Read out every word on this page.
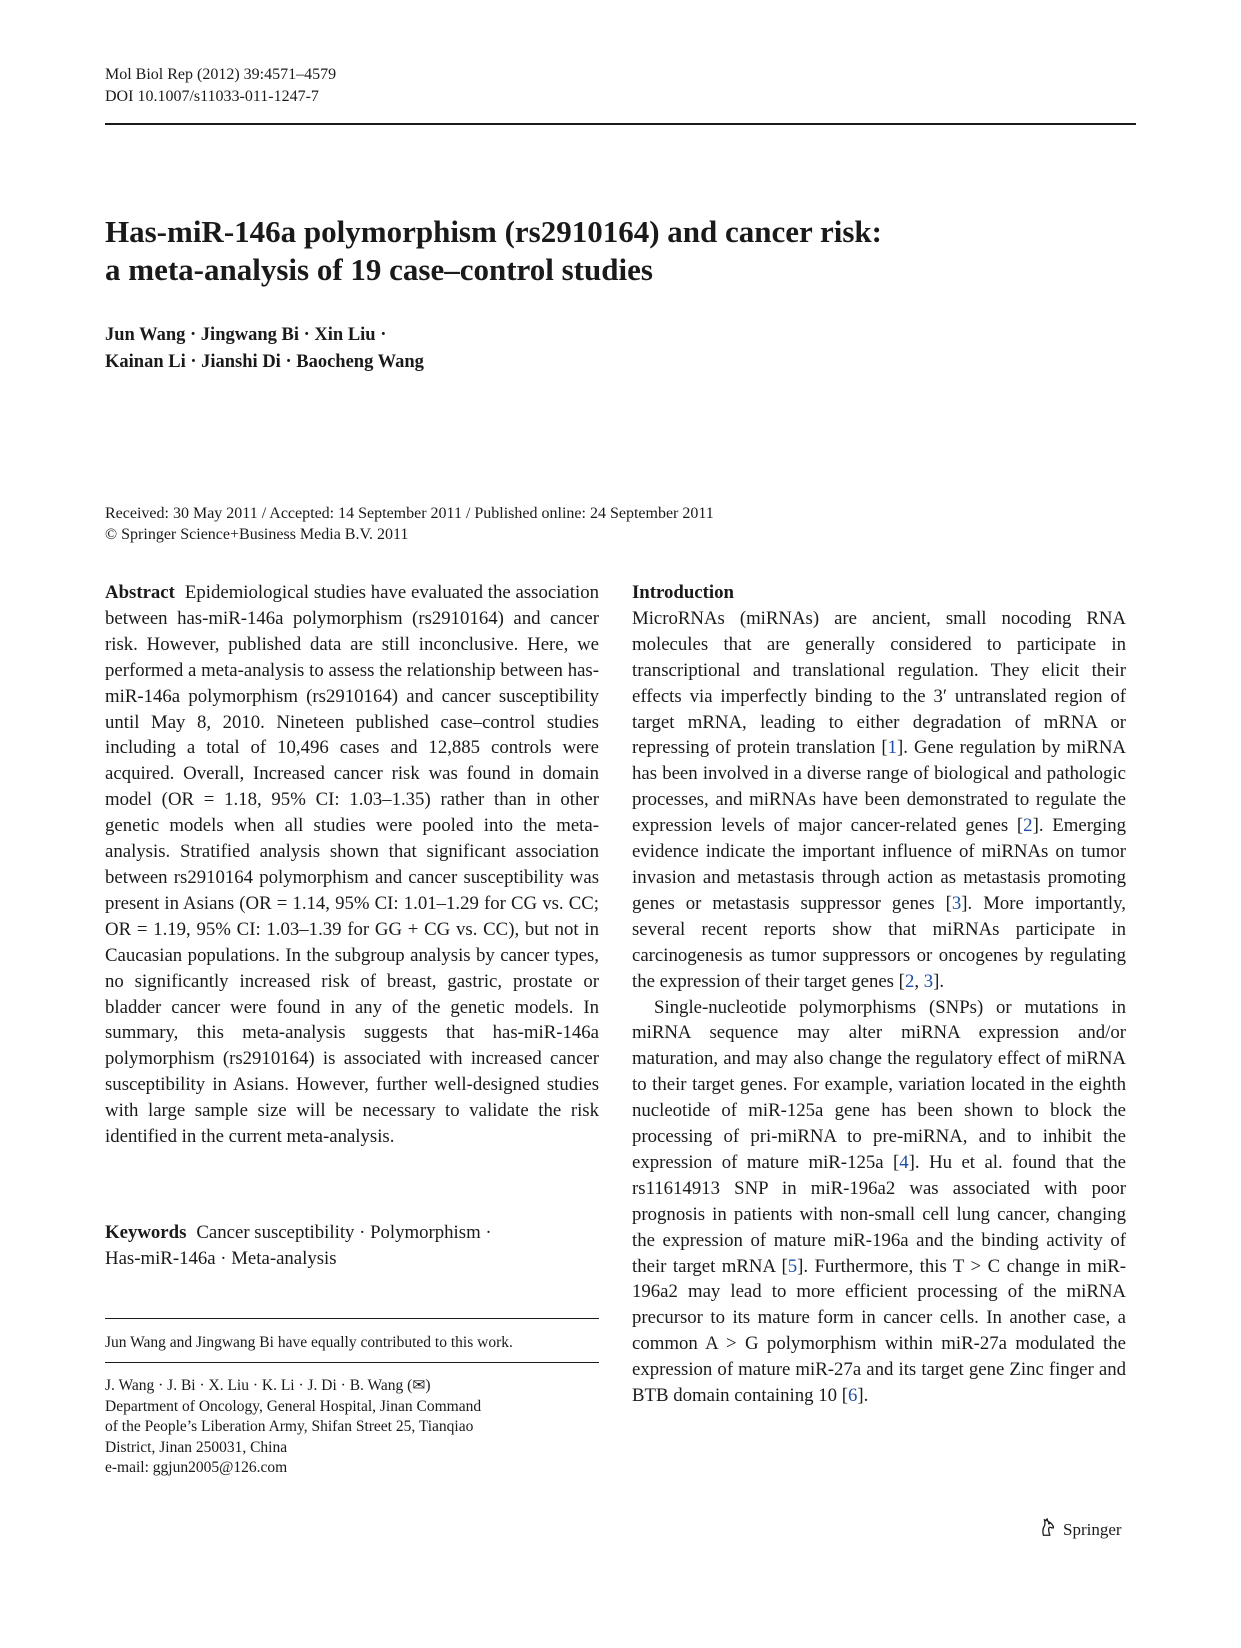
Mol Biol Rep (2012) 39:4571–4579
DOI 10.1007/s11033-011-1247-7
Has-miR-146a polymorphism (rs2910164) and cancer risk:
a meta-analysis of 19 case–control studies
Jun Wang · Jingwang Bi · Xin Liu ·
Kainan Li · Jianshi Di · Baocheng Wang
Received: 30 May 2011 / Accepted: 14 September 2011 / Published online: 24 September 2011
© Springer Science+Business Media B.V. 2011

Abstract Epidemiological studies have evaluated the association between has-miR-146a polymorphism (rs2910164) and cancer risk. However, published data are still inconclusive. Here, we performed a meta-analysis to assess the relationship between has-miR-146a polymorphism (rs2910164) and cancer susceptibility until May 8, 2010. Nineteen published case–control studies including a total of 10,496 cases and 12,885 controls were acquired. Overall, Increased cancer risk was found in domain model (OR = 1.18, 95% CI: 1.03–1.35) rather than in other genetic models when all studies were pooled into the meta-analysis. Stratified analysis shown that significant association between rs2910164 polymorphism and cancer susceptibility was present in Asians (OR = 1.14, 95% CI: 1.01–1.29 for CG vs. CC; OR = 1.19, 95% CI: 1.03–1.39 for GG + CG vs. CC), but not in Caucasian populations. In the subgroup analysis by cancer types, no significantly increased risk of breast, gastric, prostate or bladder cancer were found in any of the genetic models. In summary, this meta-analysis suggests that has-miR-146a polymorphism (rs2910164) is associated with increased cancer susceptibility in Asians. However, further well-designed studies with large sample size will be necessary to validate the risk identified in the current meta-analysis.

Keywords Cancer susceptibility · Polymorphism ·
Has-miR-146a · Meta-analysis
Jun Wang and Jingwang Bi have equally contributed to this work.
J. Wang · J. Bi · X. Liu · K. Li · J. Di · B. Wang (✉)
Department of Oncology, General Hospital, Jinan Command
of the People’s Liberation Army, Shifan Street 25, Tianqiao
District, Jinan 250031, China
e-mail: ggjun2005@126.com

Introduction

MicroRNAs (miRNAs) are ancient, small nocoding RNA molecules that are generally considered to participate in transcriptional and translational regulation. They elicit their effects via imperfectly binding to the 3′ untranslated region of target mRNA, leading to either degradation of mRNA or repressing of protein translation [1]. Gene regulation by miRNA has been involved in a diverse range of biological and pathologic processes, and miRNAs have been demonstrated to regulate the expression levels of major cancer-related genes [2]. Emerging evidence indicate the important influence of miRNAs on tumor invasion and metastasis through action as metastasis promoting genes or metastasis suppressor genes [3]. More importantly, several recent reports show that miRNAs participate in carcinogenesis as tumor suppressors or oncogenes by regulating the expression of their target genes [2, 3].

Single-nucleotide polymorphisms (SNPs) or mutations in miRNA sequence may alter miRNA expression and/or maturation, and may also change the regulatory effect of miRNA to their target genes. For example, variation located in the eighth nucleotide of miR-125a gene has been shown to block the processing of pri-miRNA to pre-miRNA, and to inhibit the expression of mature miR-125a [4]. Hu et al. found that the rs11614913 SNP in miR-196a2 was associated with poor prognosis in patients with non-small cell lung cancer, changing the expression of mature miR-196a and the binding activity of their target mRNA [5]. Furthermore, this T > C change in miR-196a2 may lead to more efficient processing of the miRNA precursor to its mature form in cancer cells. In another case, a common A > G polymorphism within miR-27a modulated the expression of mature miR-27a and its target gene Zinc finger and BTB domain containing 10 [6].

Springer
